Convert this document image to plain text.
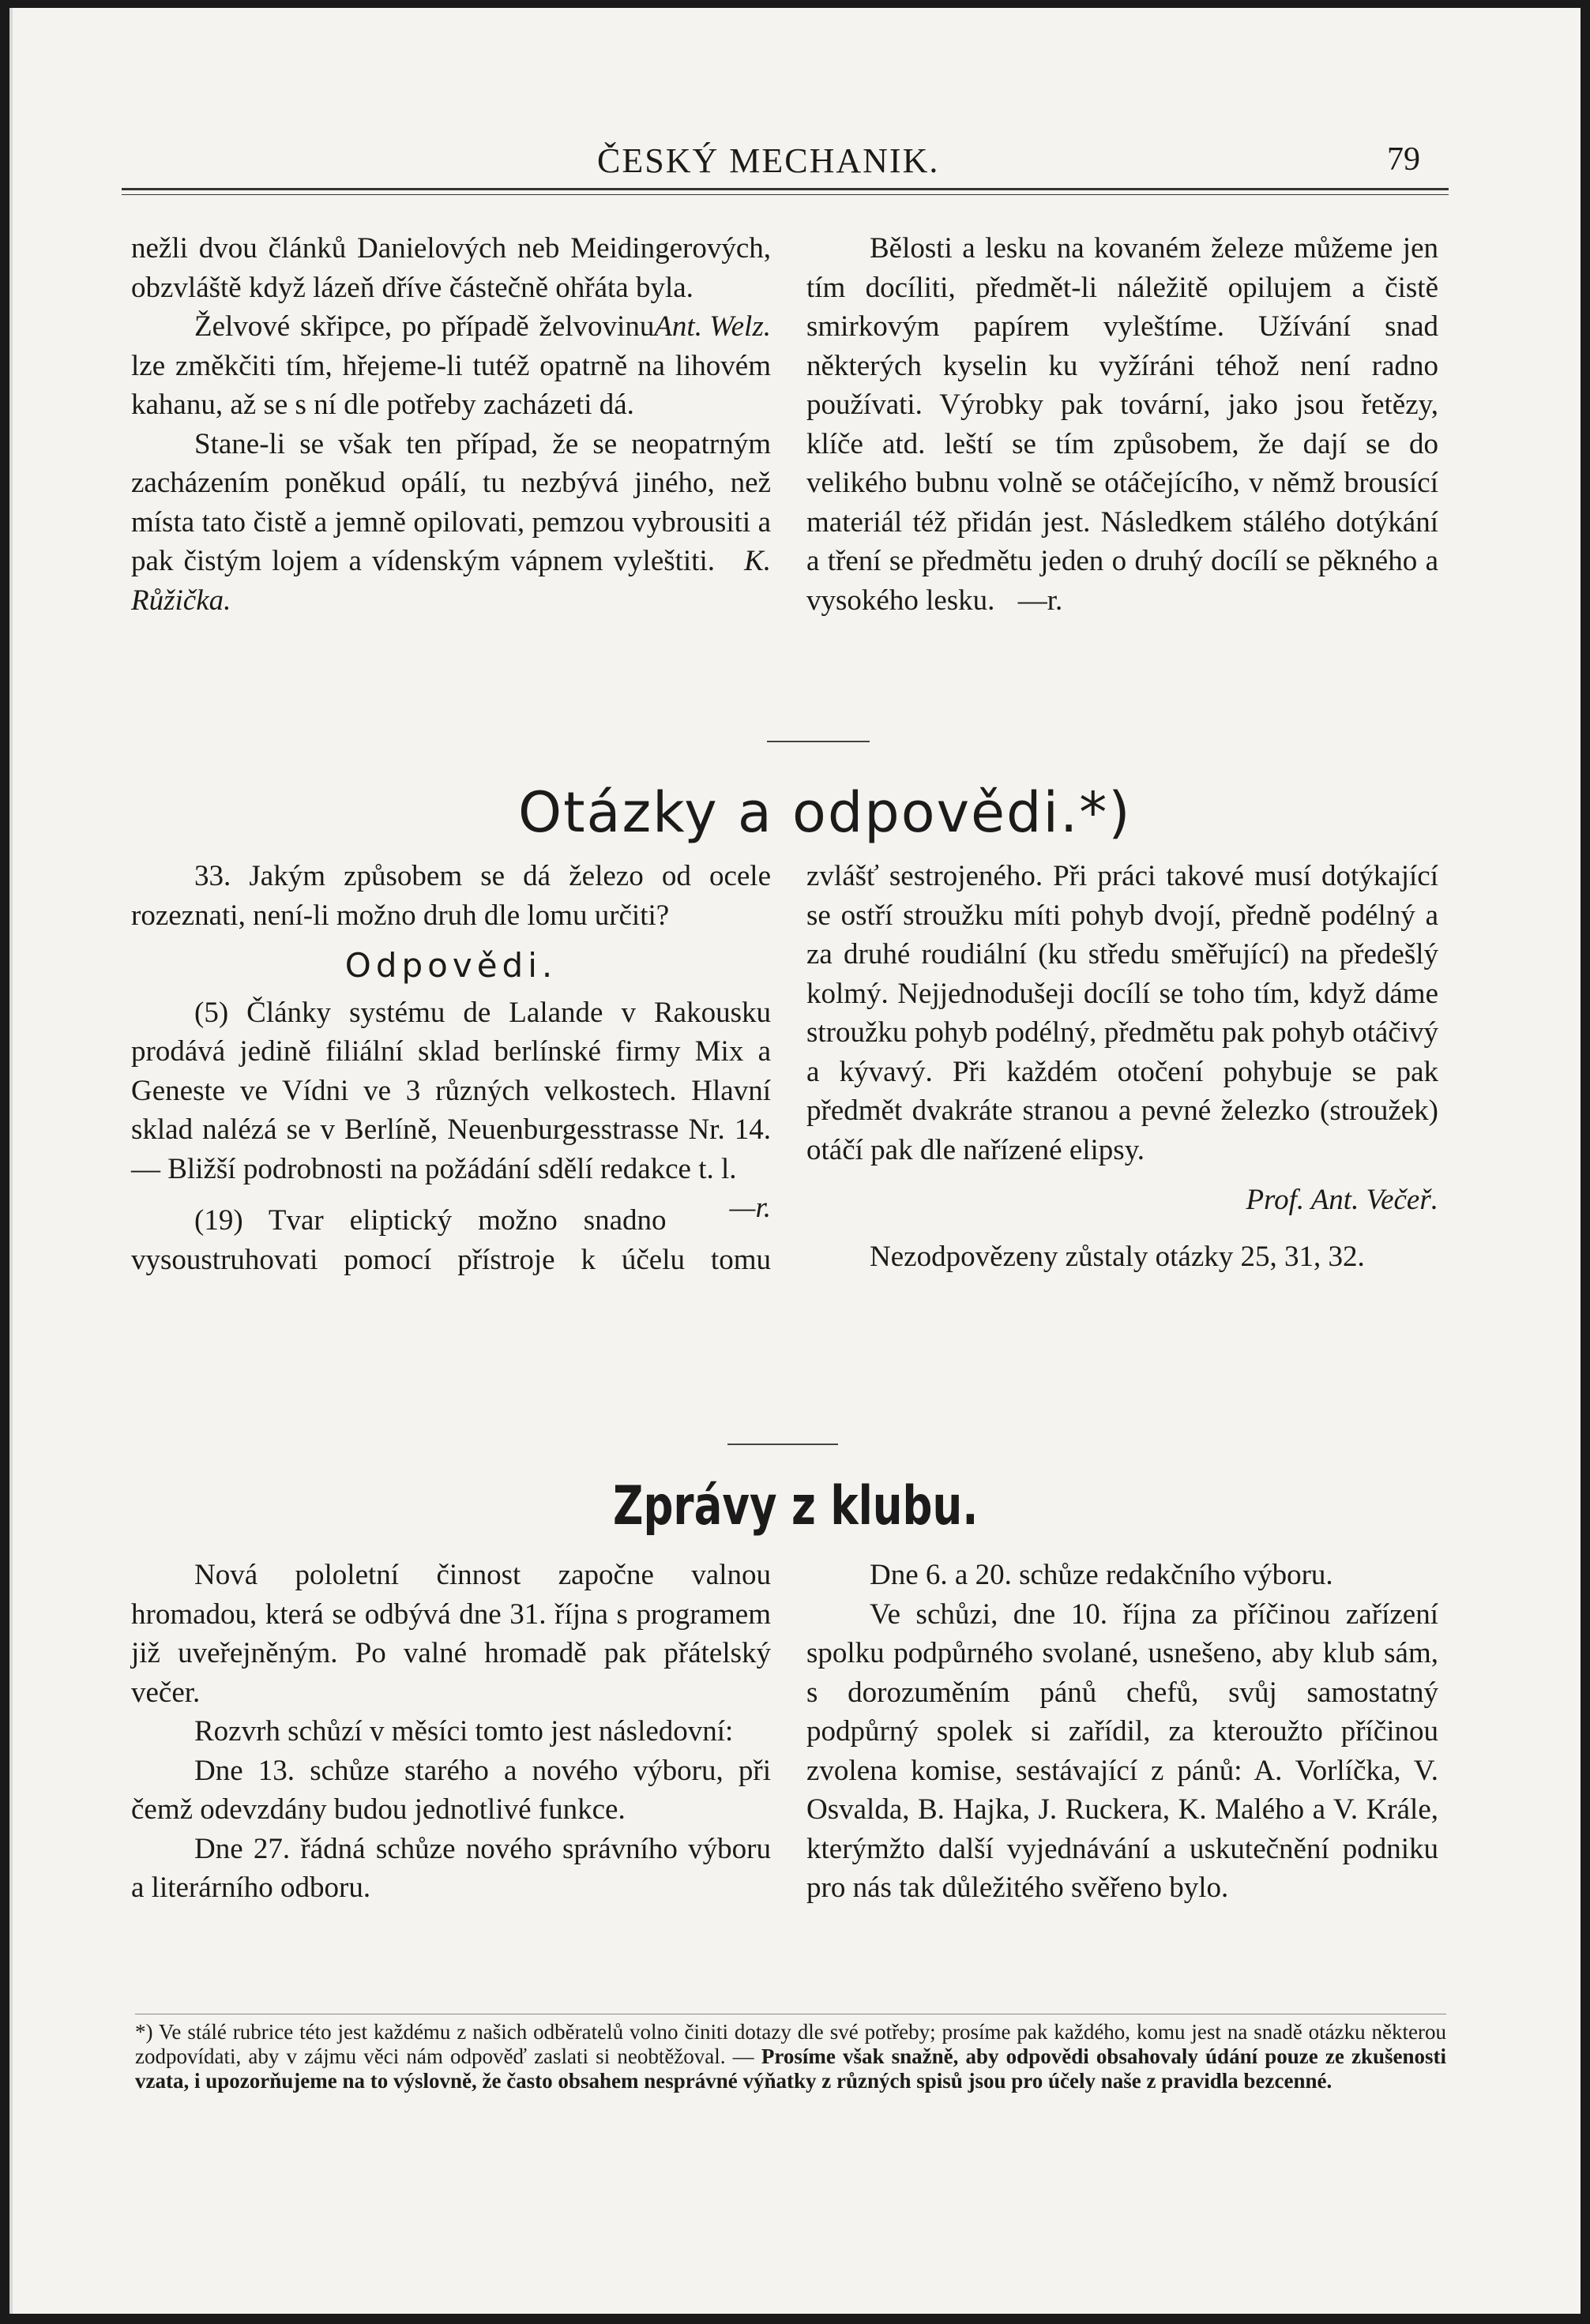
ČESKÝ MECHANIK.	79

nežli dvou článků Danielových neb Meidingerových, obzvláště když lázeň dříve částečně ohřáta byla.
Ant. Welz.

Želvové skřipce, po případě želvovinu lze změkčiti tím, hřejeme-li tutéž opatrně na lihovém kahanu, až se s ní dle potřeby zacházeti dá.

Stane-li se však ten případ, že se neopatrným zacházením poněkud opálí, tu nezbývá jiného, než místa tato čistě a jemně opilovati, pemzou vybrousiti a pak čistým lojem a vídenským vápnem vyleštiti. K. Růžička.

Bělosti a lesku na kovaném železe můžeme jen tím docíliti, předmět-li náležitě opilujem a čistě smirkovým papírem vyleštíme. Užívání snad některých kyselin ku vyžíráni téhož není radno používati. Výrobky pak tovární, jako jsou řetězy, klíče atd. leští se tím způsobem, že dají se do velikého bubnu volně se otáčejícího, v němž brousící materiál též přidán jest. Následkem stálého dotýkání a tření se předmětu jeden o druhý docílí se pěkného a vysokého lesku. —r.

Otázky a odpovědi.*)

33. Jakým způsobem se dá železo od ocele rozeznati, není-li možno druh dle lomu určiti?

Odpovědi.

(5) Články systému de Lalande v Rakousku prodává jedině filiální sklad berlínské firmy Mix a Geneste ve Vídni ve 3 různých velkostech. Hlavní sklad nalézá se v Berlíně, Neuenburgesstrasse Nr. 14. — Bližší podrobnosti na požádání sdělí redakce t. l.
—r.

(19) Tvar eliptický možno snadno vysoustruhovati pomocí přístroje k účelu tomu

zvlášť sestrojeného. Při práci takové musí dotýkající se ostří stroužku míti pohyb dvojí, předně podélný a za druhé roudiální (ku středu směřující) na předešlý kolmý. Nejjednodušeji docílí se toho tím, když dáme stroužku pohyb podélný, předmětu pak pohyb otáčivý a kývavý. Při každém otočení pohybuje se pak předmět dvakráte stranou a pevné železko (stroužek) otáčí pak dle nařízené elipsy.

Prof. Ant. Večeř.

Nezodpovězeny zůstaly otázky 25, 31, 32.

Zprávy z klubu.

Nová pololetní činnost započne valnou hromadou, která se odbývá dne 31. října s programem již uveřejněným. Po valné hromadě pak přátelský večer.

Rozvrh schůzí v měsíci tomto jest následovní:

Dne 13. schůze starého a nového výboru, při čemž odevzdány budou jednotlivé funkce.

Dne 27. řádná schůze nového správního výboru a literárního odboru.

Dne 6. a 20. schůze redakčního výboru.

Ve schůzi, dne 10. října za příčinou zařízení spolku podpůrného svolané, usnešeno, aby klub sám, s dorozuměním pánů chefů, svůj samostatný podpůrný spolek si zařídil, za kteroužto příčinou zvolena komise, sestávající z pánů: A. Vorlíčka, V. Osvalda, B. Hajka, J. Ruckera, K. Malého a V. Krále, kterýmžto další vyjednávání a uskutečnění podniku pro nás tak důležitého svěřeno bylo.

*) Ve stálé rubrice této jest každému z našich odběratelů volno činiti dotazy dle své potřeby; prosíme pak každého, komu jest na snadě otázku některou zodpovídati, aby v zájmu věci nám odpověď zaslati si neobtěžoval. — Prosíme však snažně, aby odpovědi obsahovaly údání pouze ze zkušenosti vzata, i upozorňujeme na to výslovně, že často obsahem nesprávné výňatky z různých spisů jsou pro účely naše z pravidla bezcenné.
